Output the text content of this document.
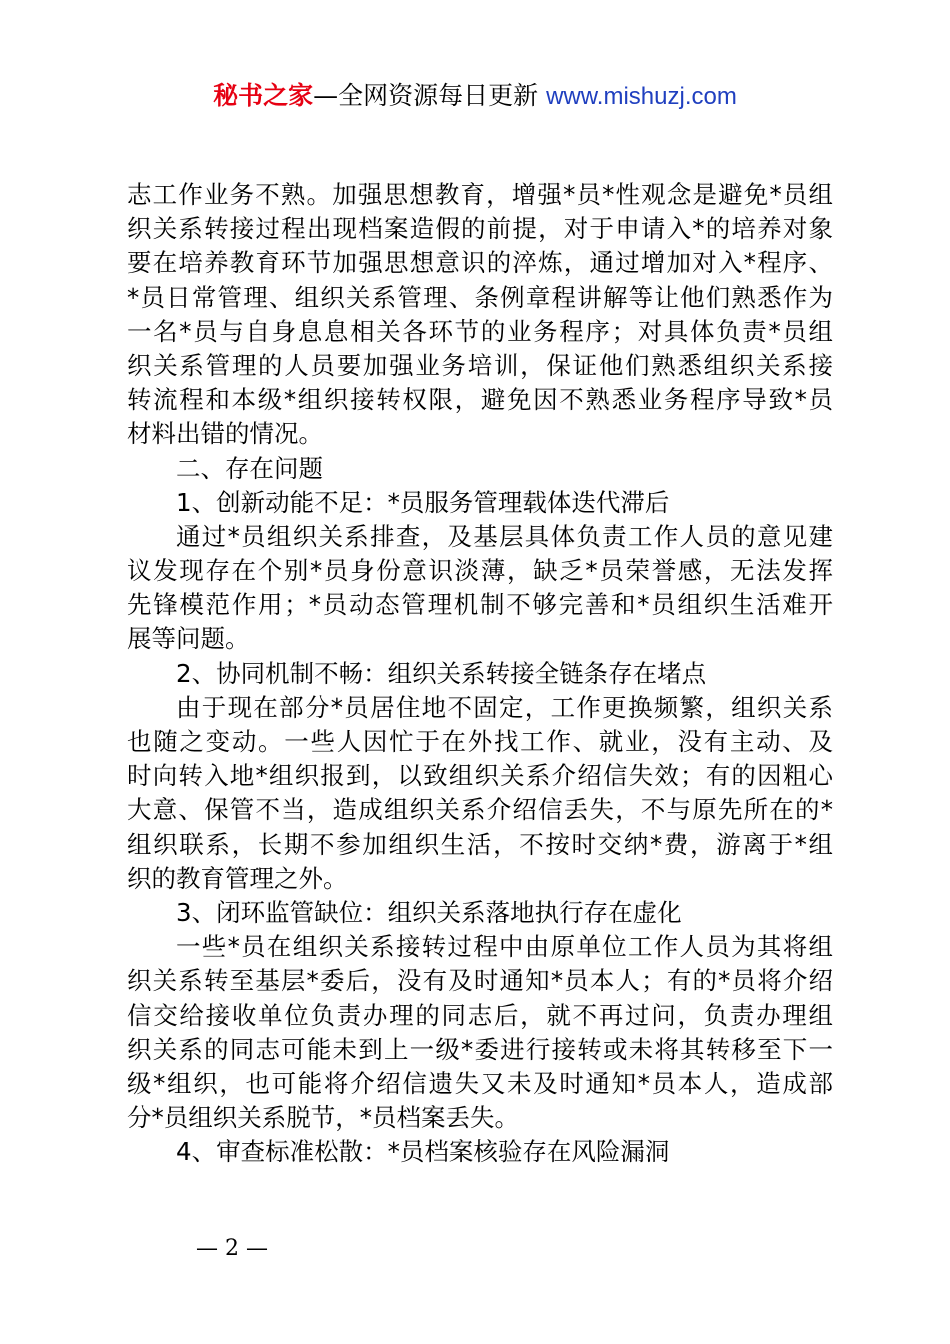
秘书之家—全网资源每日更新 www.mishuzj.com
志工作业务不熟。加强思想教育，增强*员*性观念是避免*员组
织关系转接过程出现档案造假的前提，对于申请入*的培养对象
要在培养教育环节加强思想意识的淬炼，通过增加对入*程序、
*员日常管理、组织关系管理、条例章程讲解等让他们熟悉作为
一名*员与自身息息相关各环节的业务程序；对具体负责*员组
织关系管理的人员要加强业务培训，保证他们熟悉组织关系接
转流程和本级*组织接转权限，避免因不熟悉业务程序导致*员
材料出错的情况。
二、存在问题
1、创新动能不足：*员服务管理载体迭代滞后
通过*员组织关系排查，及基层具体负责工作人员的意见建
议发现存在个别*员身份意识淡薄，缺乏*员荣誉感，无法发挥
先锋模范作用；*员动态管理机制不够完善和*员组织生活难开
展等问题。
2、协同机制不畅：组织关系转接全链条存在堵点
由于现在部分*员居住地不固定，工作更换频繁，组织关系
也随之变动。一些人因忙于在外找工作、就业，没有主动、及
时向转入地*组织报到，以致组织关系介绍信失效；有的因粗心
大意、保管不当，造成组织关系介绍信丢失，不与原先所在的*
组织联系，长期不参加组织生活，不按时交纳*费，游离于*组
织的教育管理之外。
3、闭环监管缺位：组织关系落地执行存在虚化
一些*员在组织关系接转过程中由原单位工作人员为其将组
织关系转至基层*委后，没有及时通知*员本人；有的*员将介绍
信交给接收单位负责办理的同志后，就不再过问，负责办理组
织关系的同志可能未到上一级*委进行接转或未将其转移至下一
级*组织，也可能将介绍信遗失又未及时通知*员本人，造成部
分*员组织关系脱节，*员档案丢失。
4、审查标准松散：*员档案核验存在风险漏洞
— 2 —
